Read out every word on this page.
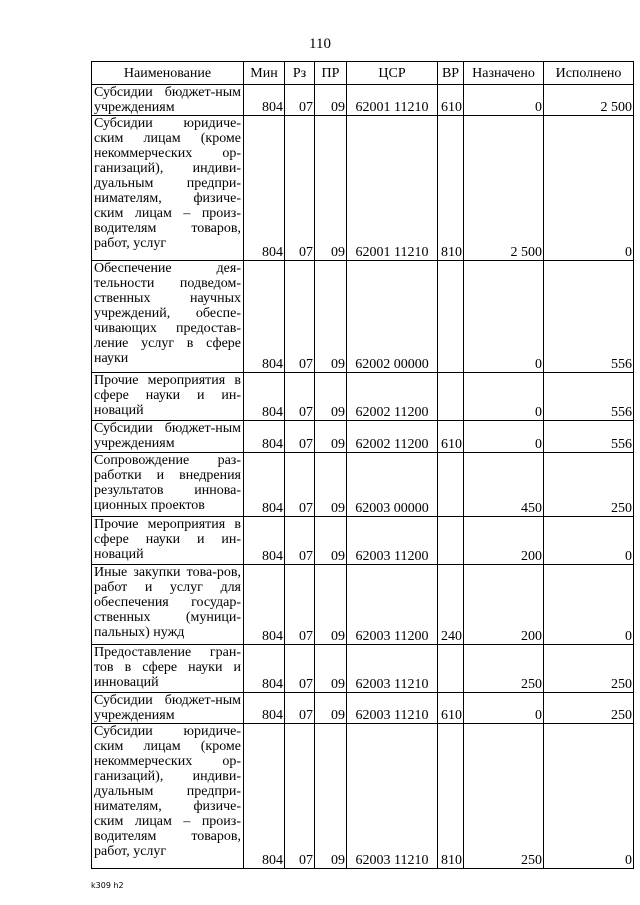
110
Наименование	Мин	Рз	ПР	ЦСР	ВР	Назначено	Исполнено
Субсидии бюджет-ным учреждениям	804	07	09	62001 11210	610	0	2 500
Субсидии юридиче-ским лицам (кроме некоммерческих ор-ганизаций), индиви-дуальным предпри-нимателям, физиче-ским лицам – произ-водителям товаров, работ, услуг	804	07	09	62001 11210	810	2 500	0
Обеспечение дея-тельности подведом-ственных научных учреждений, обеспе-чивающих предостав-ление услуг в сфере науки	804	07	09	62002 00000		0	556
Прочие мероприятия в сфере науки и ин-новаций	804	07	09	62002 11200		0	556
Субсидии бюджет-ным учреждениям	804	07	09	62002 11200	610	0	556
Сопровождение раз-работки и внедрения результатов иннова-ционных проектов	804	07	09	62003 00000		450	250
Прочие мероприятия в сфере науки и ин-новаций	804	07	09	62003 11200		200	0
Иные закупки това-ров, работ и услуг для обеспечения государ-ственных (муници-пальных) нужд	804	07	09	62003 11200	240	200	0
Предоставление гран-тов в сфере науки и инноваций	804	07	09	62003 11210		250	250
Субсидии бюджет-ным учреждениям	804	07	09	62003 11210	610	0	250
Субсидии юридиче-ским лицам (кроме некоммерческих ор-ганизаций), индиви-дуальным предпри-нимателям, физиче-ским лицам – произ-водителям товаров, работ, услуг	804	07	09	62003 11210	810	250	0
k309 h2
